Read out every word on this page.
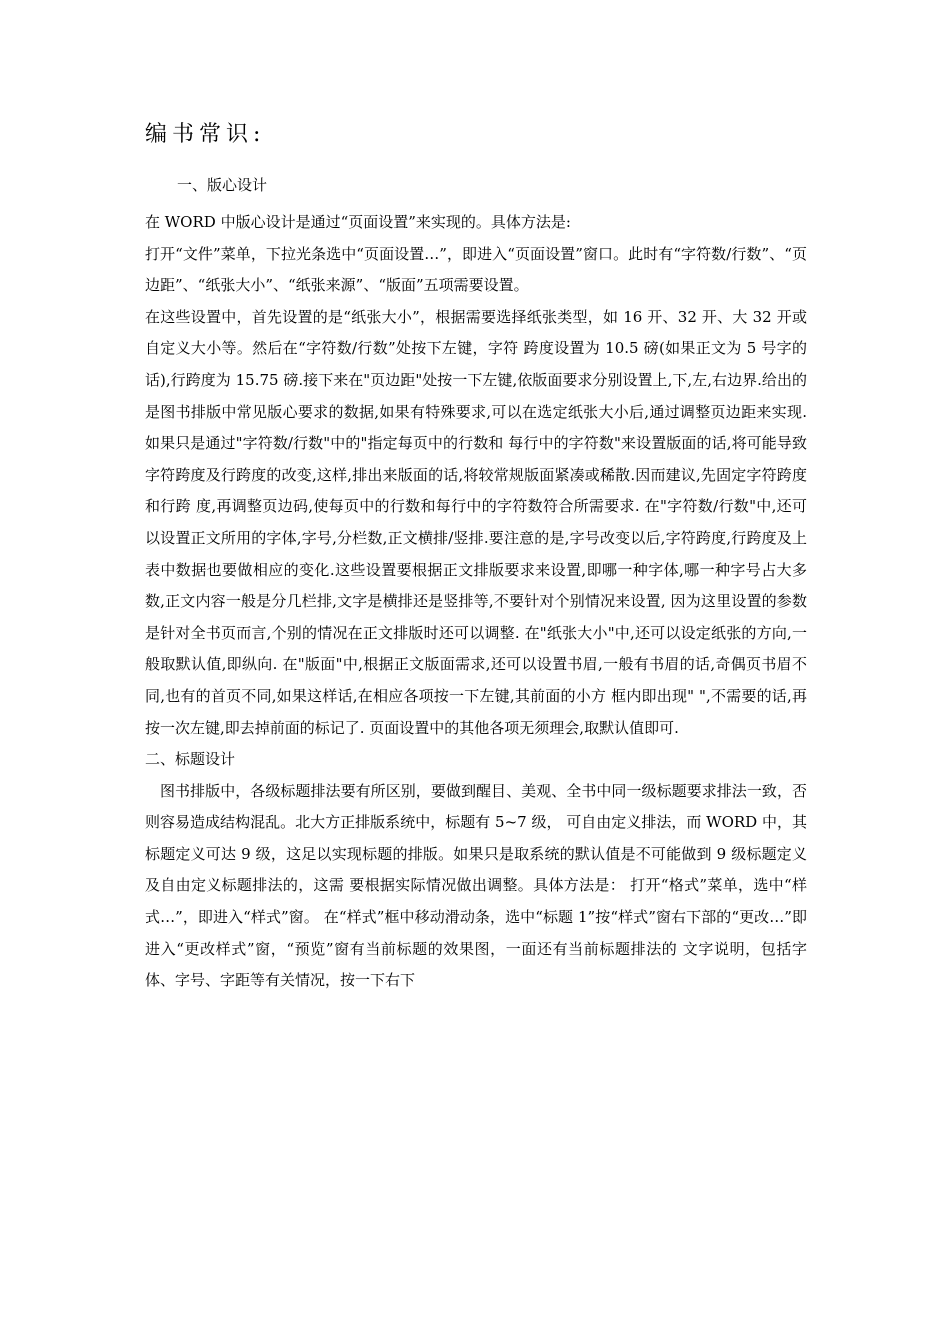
编书常识:
一、版心设计

在 WORD 中版心设计是通过“页面设置”来实现的。具体方法是:

打开“文件”菜单，下拉光条选中“页面设置…”，即进入“页面设置”窗口。此时有“字符数/行数”、“页边距”、“纸张大小”、“纸张来源”、“版面”五项需要设置。

在这些设置中，首先设置的是“纸张大小”，根据需要选择纸张类型，如 16 开、32 开、大 32 开或自定义大小等。然后在“字符数/行数”处按下左键，字符 跨度设置为 10.5 磅(如果正文为 5 号字的话),行跨度为 15.75 磅.接下来在"页边距"处按一下左键,依版面要求分别设置上,下,左,右边界.给出的 是图书排版中常见版心要求的数据,如果有特殊要求,可以在选定纸张大小后,通过调整页边距来实现.如果只是通过"字符数/行数"中的"指定每页中的行数和 每行中的字符数"来设置版面的话,将可能导致字符跨度及行跨度的改变,这样,排出来版面的话,将较常规版面紧凑或稀散.因而建议,先固定字符跨度和行跨 度,再调整页边码,使每页中的行数和每行中的字符数符合所需要求. 在"字符数/行数"中,还可以设置正文所用的字体,字号,分栏数,正文横排/竖排.要注意的是,字号改变以后,字符跨度,行跨度及上表中数据也要做相应的变化.这些设置要根据正文排版要求来设置,即哪一种字体,哪一种字号占大多数,正文内容一般是分几栏排,文字是横排还是竖排等,不要针对个别情况来设置, 因为这里设置的参数是针对全书页而言,个别的情况在正文排版时还可以调整. 在"纸张大小"中,还可以设定纸张的方向,一般取默认值,即纵向. 在"版面"中,根据正文版面需求,还可以设置书眉,一般有书眉的话,奇偶页书眉不同,也有的首页不同,如果这样话,在相应各项按一下左键,其前面的小方 框内即出现" ",不需要的话,再按一次左键,即去掉前面的标记了. 页面设置中的其他各项无须理会,取默认值即可.

二、标题设计

图书排版中，各级标题排法要有所区别，要做到醒目、美观、全书中同一级标题要求排法一致，否则容易造成结构混乱。北大方正排版系统中，标题有 5~7 级， 可自由定义排法，而 WORD 中，其标题定义可达 9 级，这足以实现标题的排版。如果只是取系统的默认值是不可能做到 9 级标题定义及自由定义标题排法的，这需 要根据实际情况做出调整。具体方法是： 打开“格式”菜单，选中“样式…”，即进入“样式”窗。 在“样式”框中移动滑动条，选中“标题 1”按“样式”窗右下部的“更改…”即进入“更改样式”窗，“预览”窗有当前标题的效果图，一面还有当前标题排法的 文字说明，包括字体、字号、字距等有关情况，按一下右下
